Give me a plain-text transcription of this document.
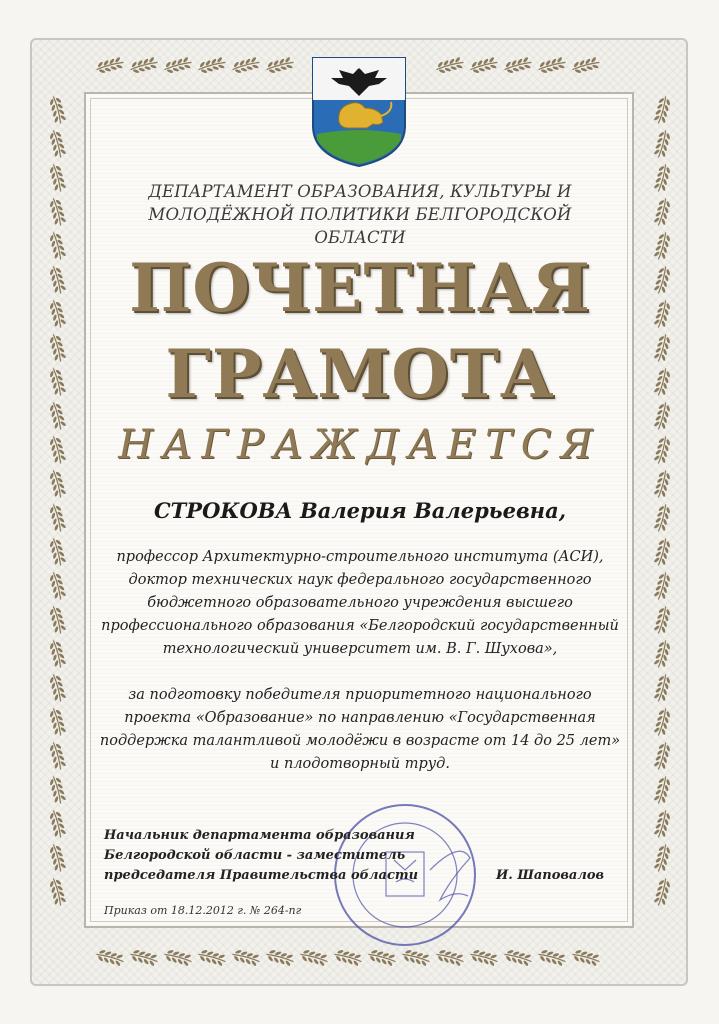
ДЕПАРТАМЕНТ ОБРАЗОВАНИЯ, КУЛЬТУРЫ И МОЛОДЁЖНОЙ ПОЛИТИКИ БЕЛГОРОДСКОЙ ОБЛАСТИ
ПОЧЕТНАЯ
ГРАМОТА
НАГРАЖДАЕТСЯ
СТРОКОВА Валерия Валерьевна,
профессор Архитектурно-строительного института (АСИ), доктор технических наук федерального государственного бюджетного образовательного учреждения высшего профессионального образования «Белгородский государственный технологический университет им. В. Г. Шухова»,
за подготовку победителя приоритетного национального проекта «Образование» по направлению «Государственная поддержка талантливой молодёжи в возрасте от 14 до 25 лет» и плодотворный труд.
Начальник департамента образования Белгородской области - заместитель председателя Правительства области	И. Шаповалов
Приказ от 18.12.2012 г. № 264-пг
